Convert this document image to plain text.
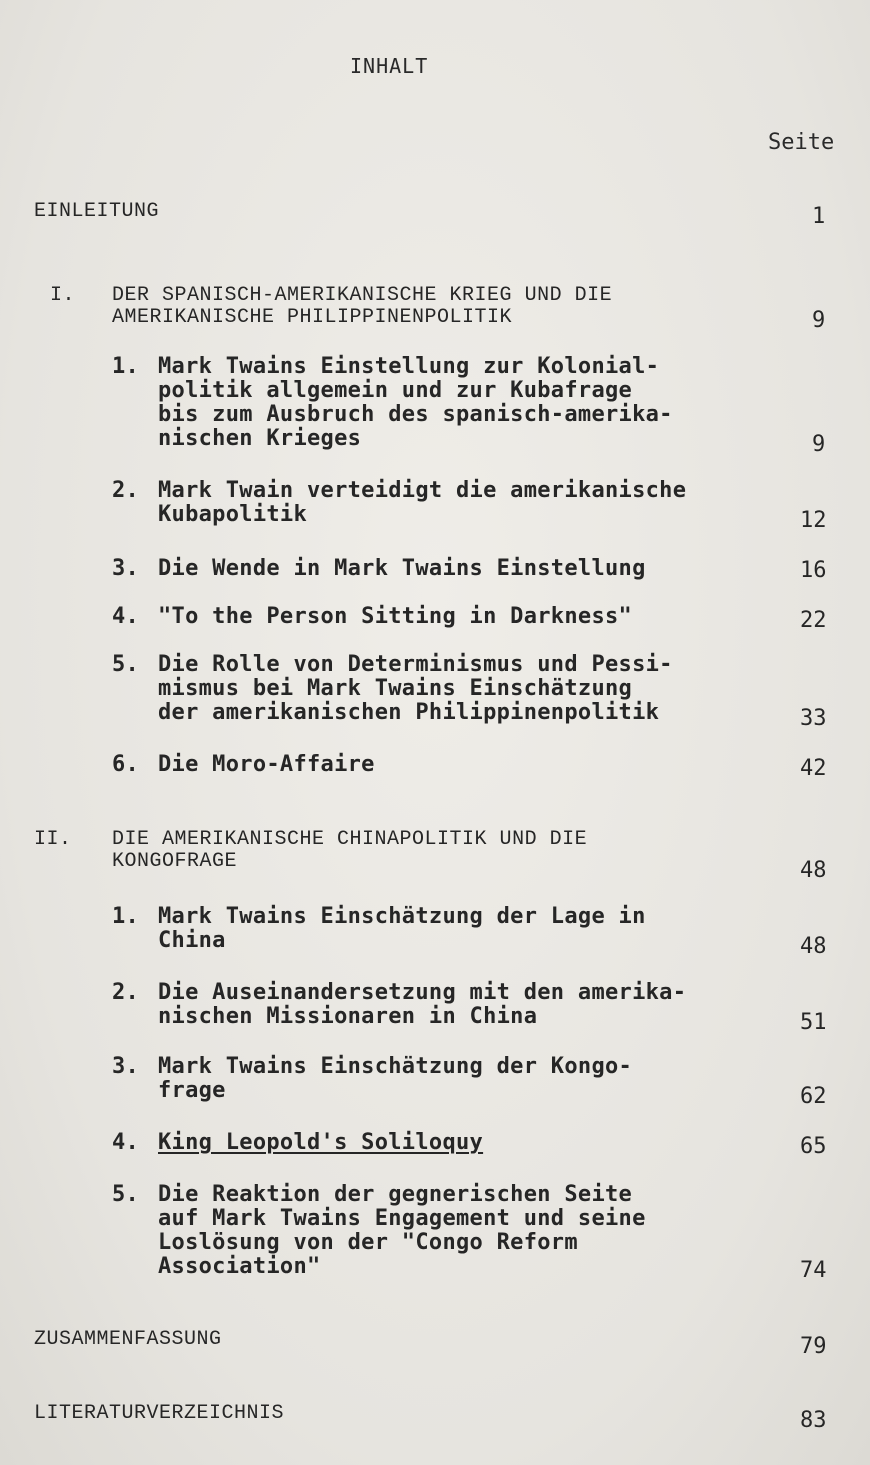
INHALT
Seite
EINLEITUNG	1
I. DER SPANISCH-AMERIKANISCHE KRIEG UND DIE
AMERIKANISCHE PHILIPPINENPOLITIK	9
1. Mark Twains Einstellung zur Kolonial-
politik allgemein und zur Kubafrage
bis zum Ausbruch des spanisch-amerika-
nischen Krieges	9
2. Mark Twain verteidigt die amerikanische
Kubapolitik	12
3. Die Wende in Mark Twains Einstellung	16
4. "To the Person Sitting in Darkness"	22
5. Die Rolle von Determinismus und Pessi-
mismus bei Mark Twains Einschätzung
der amerikanischen Philippinenpolitik	33
6. Die Moro-Affaire	42
II. DIE AMERIKANISCHE CHINAPOLITIK UND DIE
KONGOFRAGE	48
1. Mark Twains Einschätzung der Lage in
China	48
2. Die Auseinandersetzung mit den amerika-
nischen Missionaren in China	51
3. Mark Twains Einschätzung der Kongo-
frage	62
4. King Leopold's Soliloquy	65
5. Die Reaktion der gegnerischen Seite
auf Mark Twains Engagement und seine
Loslösung von der "Congo Reform
Association"	74
ZUSAMMENFASSUNG	79
LITERATURVERZEICHNIS	83
